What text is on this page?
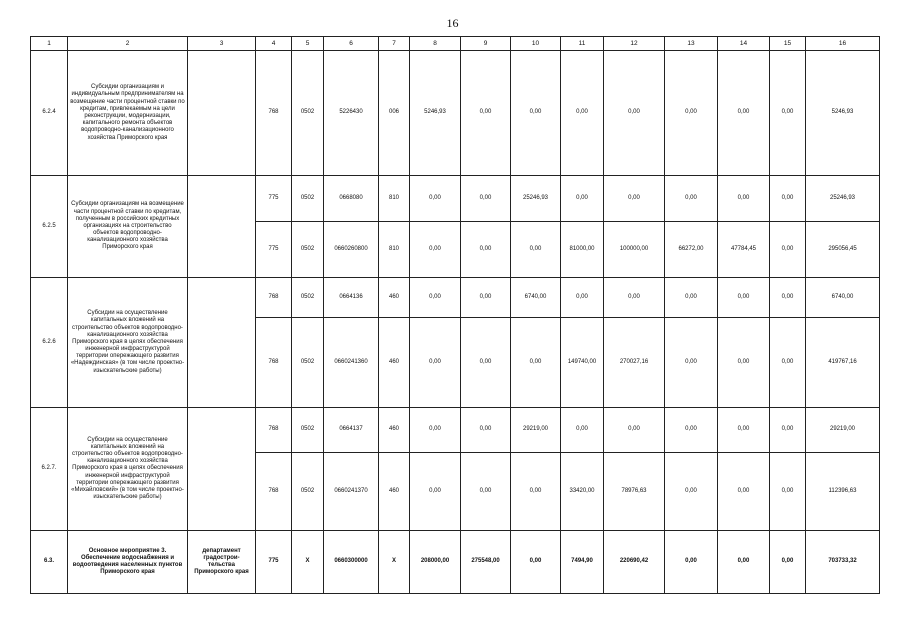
16
1	2	3	4	5	6	7	8	9	10	11	12	13	14	15	16
6.2.4	Субсидии организациям и индивидуальным предпринимателям на возмещение части процентной ставки по кредитам, привлекаемым на цели реконструкции, модернизации, капитального ремонта объектов водопроводно-канализационного хозяйства Приморского края		768	0502	5226430	006	5246,93	0,00	0,00	0,00	0,00	0,00	0,00	0,00	5246,93
6.2.5	Субсидии организациям на возмещение части процентной ставки по кредитам, полученным в российских кредитных организациях на строительство объектов водопроводно-канализационного хозяйства Приморского края		775	0502	0668080	810	0,00	0,00	25246,93	0,00	0,00	0,00	0,00	0,00	25246,93
			775	0502	0660260800	810	0,00	0,00	0,00	81000,00	100000,00	66272,00	47784,45	0,00	295056,45
6.2.6	Субсидии на осуществление капитальных вложений на строительство объектов водопроводно-канализационного хозяйства Приморского края в целях обеспечения инженерной инфраструктурой территории опережающего развития «Надеждинская» (в том числе проектно-изыскательские работы)		768	0502	0664136	460	0,00	0,00	6740,00	0,00	0,00	0,00	0,00	0,00	6740,00
			768	0502	0660241360	460	0,00	0,00	0,00	149740,00	270027,16	0,00	0,00	0,00	419767,16
6.2.7.	Субсидии на осуществление капитальных вложений на строительство объектов водопроводно-канализационного хозяйства Приморского края в целях обеспечения инженерной инфраструктурой территории опережающего развития «Михайловский» (в том числе проектно-изыскательские работы)		768	0502	0664137	460	0,00	0,00	29219,00	0,00	0,00	0,00	0,00	0,00	29219,00
			768	0502	0660241370	460	0,00	0,00	0,00	33420,00	78976,63	0,00	0,00	0,00	112396,63
6.3.	Основное мероприятие 3. Обеспечение водоснабжения и водоотведения населенных пунктов Приморского края	департамент градострои-тельства Приморского края	775	X	0660300000	X	208000,00	275548,00	0,00	7494,90	220690,42	0,00	0,00	0,00	703733,32
